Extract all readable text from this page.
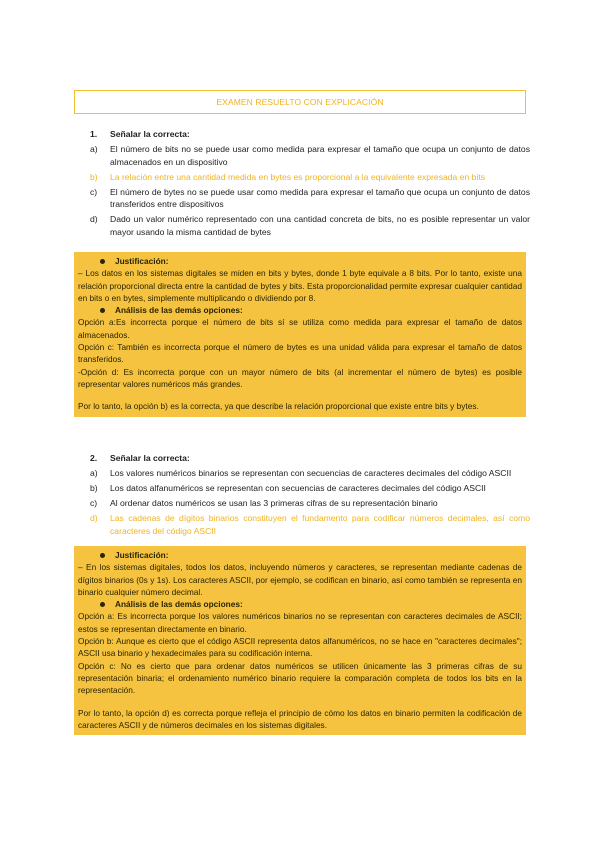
EXAMEN RESUELTO CON EXPLICACIÓN
1. Señalar la correcta:
a)	El número de bits no se puede usar como medida para expresar el tamaño que ocupa un conjunto de datos almacenados en un dispositivo
b)	La relación entre una cantidad medida en bytes es proporcional a la equivalente expresada en bits
c)	El número de bytes no se puede usar como medida para expresar el tamaño que ocupa un conjunto de datos transferidos entre dispositivos
d)	Dado un valor numérico representado con una cantidad concreta de bits, no es posible representar un valor mayor usando la misma cantidad de bytes
Justificación:
– Los datos en los sistemas digitales se miden en bits y bytes, donde 1 byte equivale a 8 bits. Por lo tanto, existe una relación proporcional directa entre la cantidad de bytes y bits. Esta proporcionalidad permite expresar cualquier cantidad en bits o en bytes, simplemente multiplicando o dividiendo por 8.
Análisis de las demás opciones:
Opción a:Es incorrecta porque el número de bits sí se utiliza como medida para expresar el tamaño de datos almacenados.
Opción c: También es incorrecta porque el número de bytes es una unidad válida para expresar el tamaño de datos transferidos.
-Opción d: Es incorrecta porque con un mayor número de bits (al incrementar el número de bytes) es posible representar valores numéricos más grandes.
Por lo tanto, la opción b) es la correcta, ya que describe la relación proporcional que existe entre bits y bytes.
2. Señalar la correcta:
a)	Los valores numéricos binarios se representan con secuencias de caracteres decimales del código ASCII
b)	Los datos alfanuméricos se representan con secuencias de caracteres decimales del código ASCII
c)	Al ordenar datos numéricos se usan las 3 primeras cifras de su representación binario
d)	Las cadenas de dígitos binarios constituyen el fundamento para codificar números decimales, así como caracteres del código ASCII
Justificación:
– En los sistemas digitales, todos los datos, incluyendo números y caracteres, se representan mediante cadenas de dígitos binarios (0s y 1s). Los caracteres ASCII, por ejemplo, se codifican en binario, así como también se representa en binario cualquier número decimal.
Análisis de las demás opciones:
Opción a: Es incorrecta porque los valores numéricos binarios no se representan con caracteres decimales de ASCII; estos se representan directamente en binario.
Opción b: Aunque es cierto que el código ASCII representa datos alfanuméricos, no se hace en "caracteres decimales"; ASCII usa binario y hexadecimales para su codificación interna.
Opción c: No es cierto que para ordenar datos numéricos se utilicen únicamente las 3 primeras cifras de su representación binaria; el ordenamiento numérico binario requiere la comparación completa de todos los bits en la representación.
Por lo tanto, la opción d) es correcta porque refleja el principio de cómo los datos en binario permiten la codificación de caracteres ASCII y de números decimales en los sistemas digitales.
